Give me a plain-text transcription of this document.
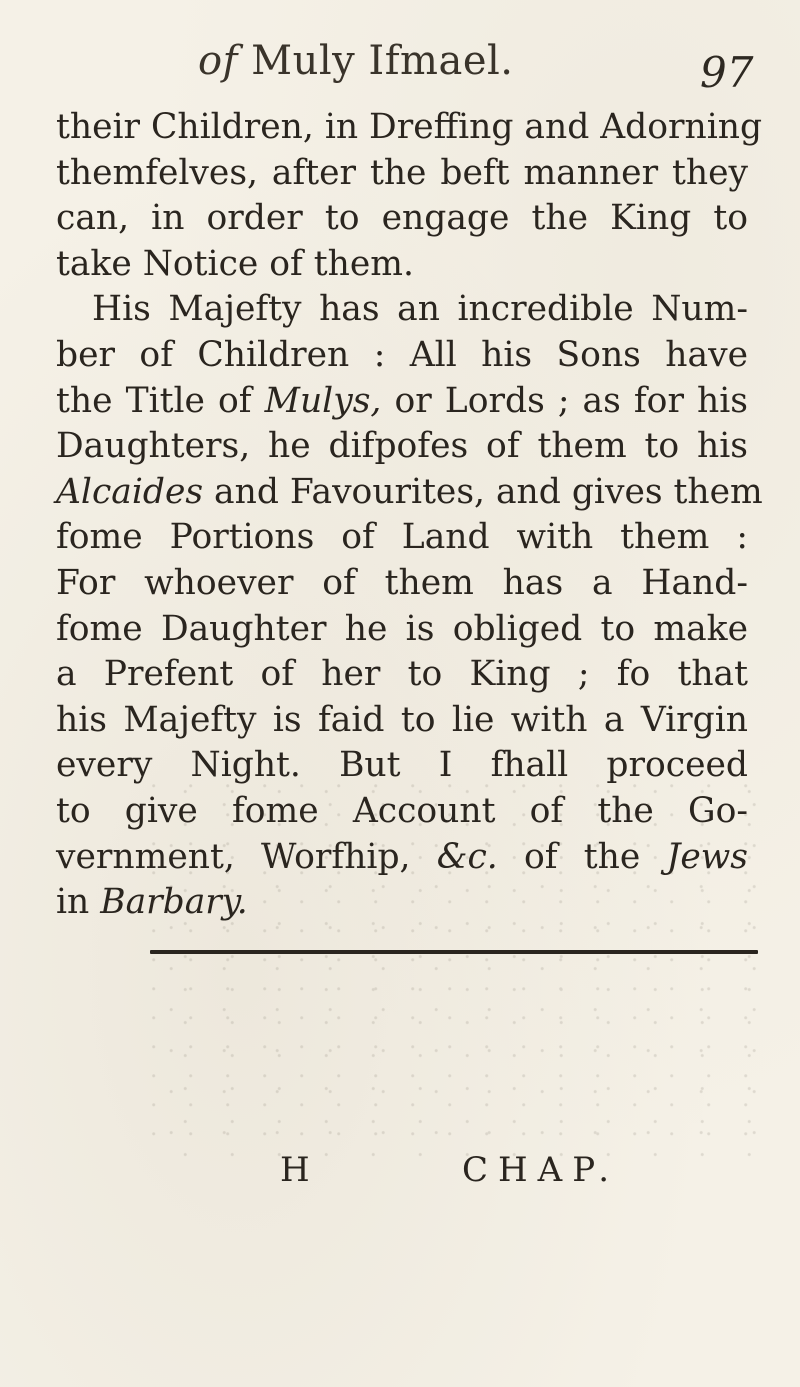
of Muly Ifmael.	97
their Children, in Dreffing and Adorning
themfelves, after the beft manner they
can, in order to engage the King to
take Notice of them.
His Majefty has an incredible Num-
ber of Children : All his Sons have
the Title of Mulys, or Lords ; as for his
Daughters, he difpofes of them to his
Alcaides and Favourites, and gives them
fome Portions of Land with them :
For whoever of them has a Hand-
fome Daughter he is obliged to make
a Prefent of her to King ; fo that
his Majefty is faid to lie with a Virgin
every Night. But I fhall proceed
to give fome Account of the Go-
vernment, Worfhip, &c. of the Jews
in Barbary.
H	CHAP.
